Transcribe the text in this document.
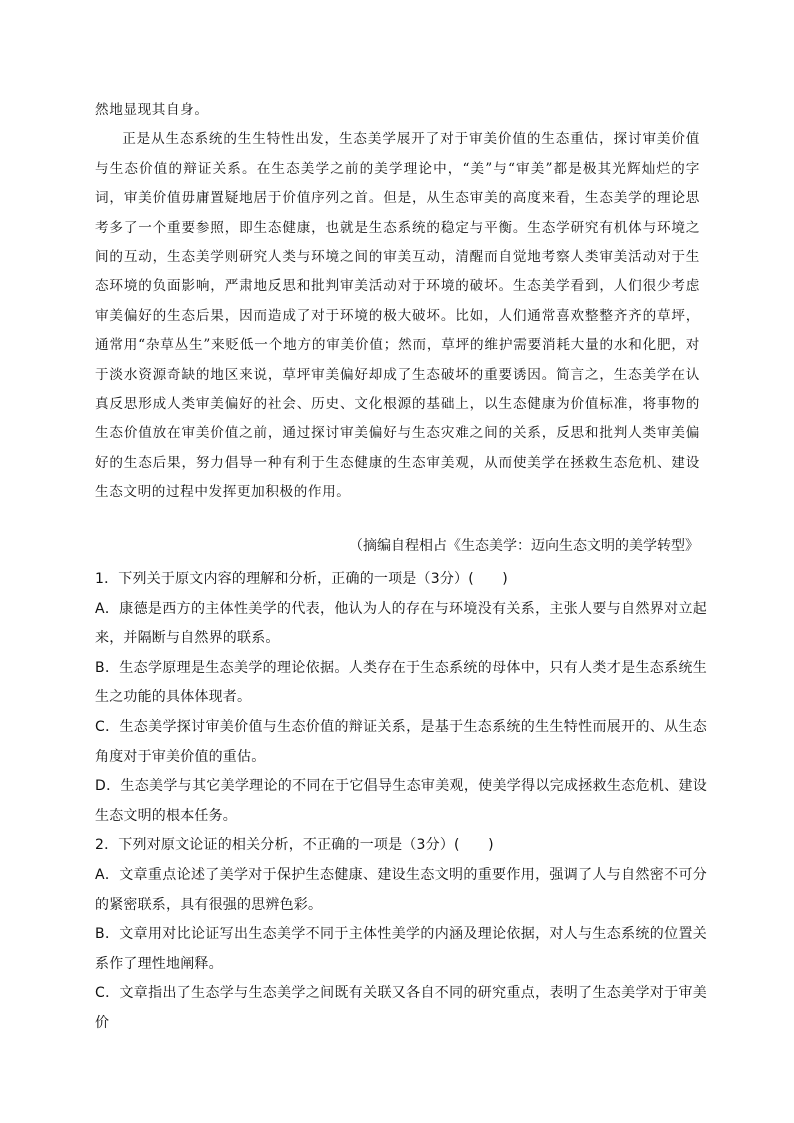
然地显现其自身。

正是从生态系统的生生特性出发，生态美学展开了对于审美价值的生态重估，探讨审美价值与生态价值的辩证关系。在生态美学之前的美学理论中，“美”与“审美”都是极其光辉灿烂的字词，审美价值毋庸置疑地居于价值序列之首。但是，从生态审美的高度来看，生态美学的理论思考多了一个重要参照，即生态健康，也就是生态系统的稳定与平衡。生态学研究有机体与环境之间的互动，生态美学则研究人类与环境之间的审美互动，清醒而自觉地考察人类审美活动对于生态环境的负面影响，严肃地反思和批判审美活动对于环境的破坏。生态美学看到，人们很少考虑审美偏好的生态后果，因而造成了对于环境的极大破坏。比如，人们通常喜欢整整齐齐的草坪，通常用“杂草丛生”来贬低一个地方的审美价值；然而，草坪的维护需要消耗大量的水和化肥，对于淡水资源奇缺的地区来说，草坪审美偏好却成了生态破坏的重要诱因。简言之，生态美学在认真反思形成人类审美偏好的社会、历史、文化根源的基础上，以生态健康为价值标准，将事物的生态价值放在审美价值之前，通过探讨审美偏好与生态灾难之间的关系，反思和批判人类审美偏好的生态后果，努力倡导一种有利于生态健康的生态审美观，从而使美学在拯救生态危机、建设生态文明的过程中发挥更加积极的作用。

（摘编自程相占《生态美学：迈向生态文明的美学转型》

1．下列关于原文内容的理解和分析，正确的一项是（3分）(　　)

A．康德是西方的主体性美学的代表，他认为人的存在与环境没有关系，主张人要与自然界对立起来，并隔断与自然界的联系。

B．生态学原理是生态美学的理论依据。人类存在于生态系统的母体中，只有人类才是生态系统生生之功能的具体体现者。

C．生态美学探讨审美价值与生态价值的辩证关系，是基于生态系统的生生特性而展开的、从生态角度对于审美价值的重估。

D．生态美学与其它美学理论的不同在于它倡导生态审美观，使美学得以完成拯救生态危机、建设生态文明的根本任务。

2．下列对原文论证的相关分析，不正确的一项是（3分）(　　)

A．文章重点论述了美学对于保护生态健康、建设生态文明的重要作用，强调了人与自然密不可分的紧密联系，具有很强的思辨色彩。

B．文章用对比论证写出生态美学不同于主体性美学的内涵及理论依据，对人与生态系统的位置关系作了理性地阐释。

C．文章指出了生态学与生态美学之间既有关联又各自不同的研究重点，表明了生态美学对于审美价
